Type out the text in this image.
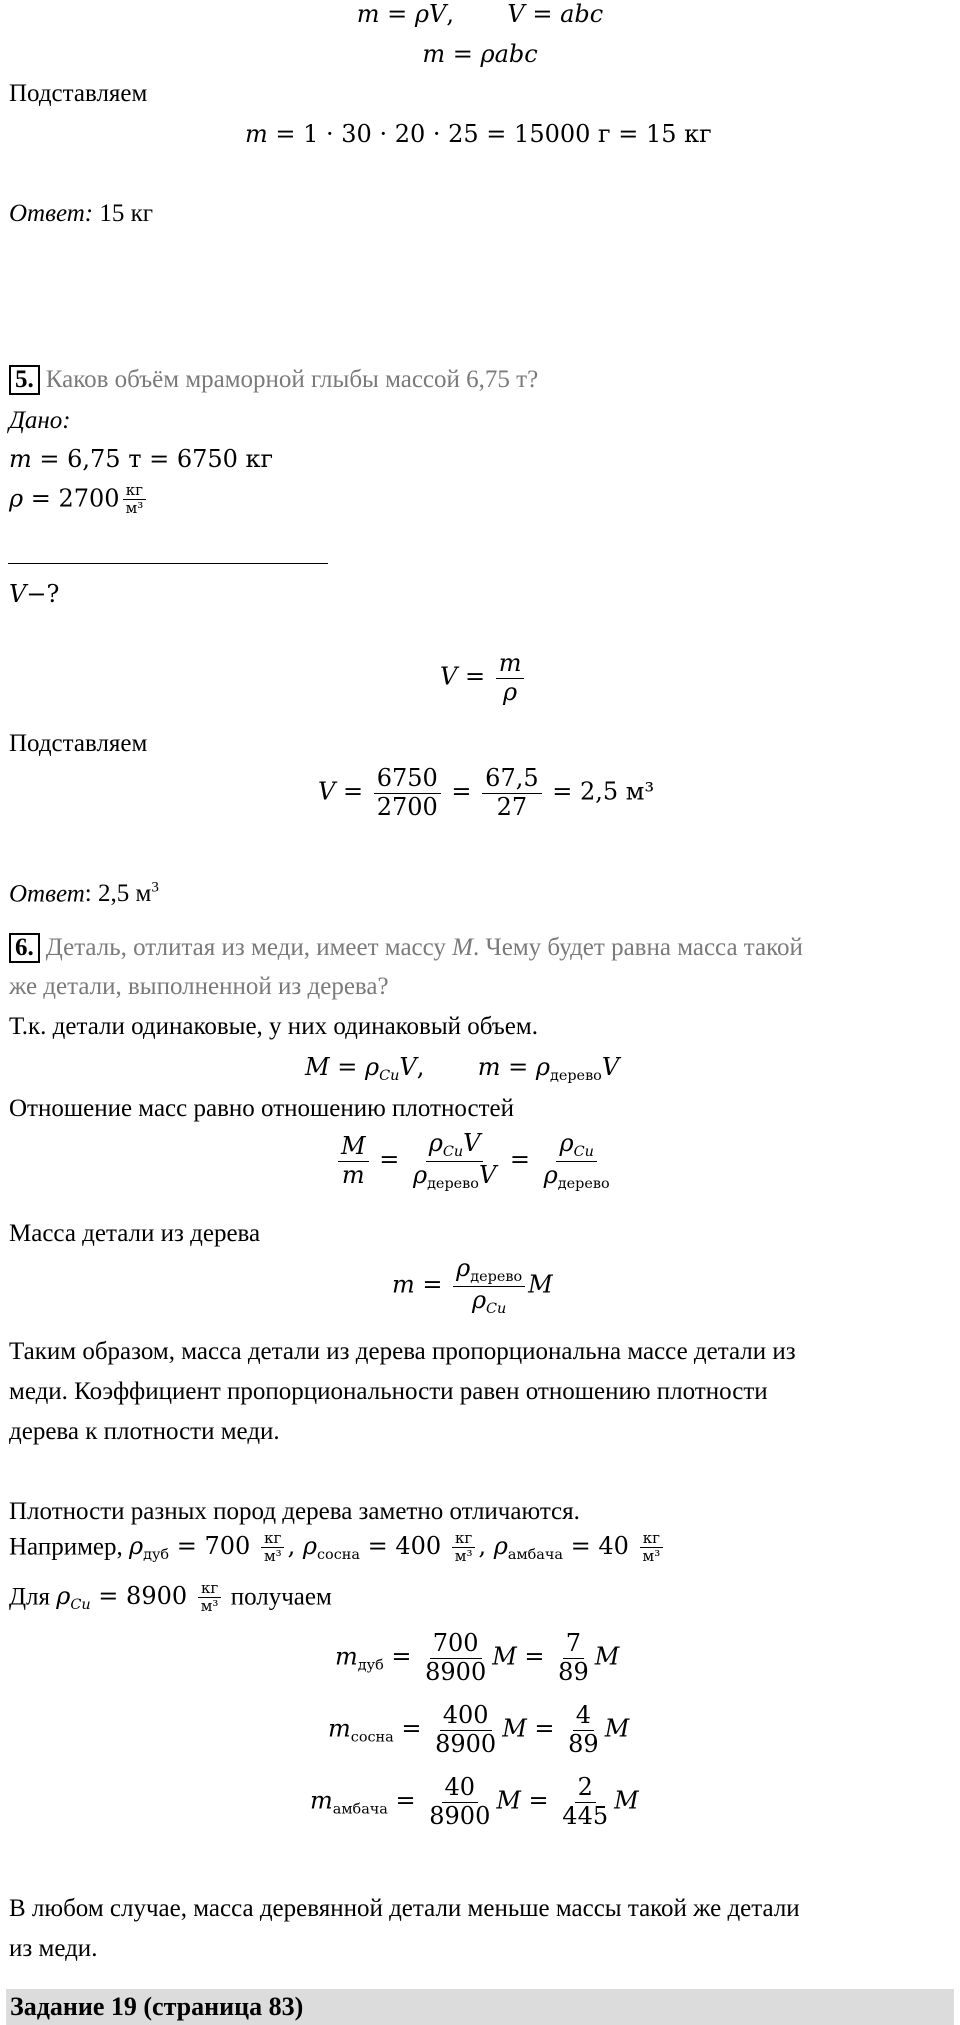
m = ρV,       V = abc
m = ρabc
Подставляем
m = 1 · 30 · 20 · 25 = 15000 г = 15 кг
Ответ: 15 кг
5. Каков объём мраморной глыбы массой 6,75 т?
Дано:
m = 6,75 т = 6750 кг
$\rho = 2700 \frac{кг}{\text{м³}}$
V−?
$V = \frac{m}{\rho}$
Подставляем
$V = \frac{6750}{2700} = \frac{67,5}{27} = 2,5$ м³
Ответ: 2,5 $м^3$
6. Деталь, отлитая из меди, имеет массу M. Чему будет равна масса такой
же детали, выполненной из дерева?
Т.к. детали одинаковые, у них одинаковый объем.
$M = \rho_{Cu}V$,       $m = \rho_{дерево}V$
Отношение масс равно отношению плотностей
$\frac{M}{m} = \frac{\rho_{Cu}V}{\rho_{дерево}V} = \frac{\rho_{Cu}}{\rho_{дерево}}$
Масса детали из дерева
$m = \frac{\rho_{дерево}}{\rho_{Cu}}$ M
Таким образом, масса детали из дерева пропорциональна массе детали из
меди. Коэффициент пропорциональности равен отношению плотности
дерева к плотности меди.
Плотности разных пород дерева заметно отличаются.
Например, $\rho_{дуб} = 700 \frac{кг}{\text{м³}}$ , $\rho_{сосна} = 400 \frac{кг}{\text{м³}}$ , $\rho_{амбача} = 40 \frac{кг}{\text{м³}}$
Для $\rho_{Cu} = 8900 \frac{кг}{\text{м³}}$ получаем
$m_{дуб} = \frac{700}{8900}$ $M = \frac{7}{89}$ M
$m_{сосна} = \frac{400}{8900}$ $M = \frac{4}{89}$ M
$m_{амбача} = \frac{40}{8900}$ $M = \frac{2}{445}$ M
В любом случае, масса деревянной детали меньше массы такой же детали
из меди.
Задание 19 (страница 83)
